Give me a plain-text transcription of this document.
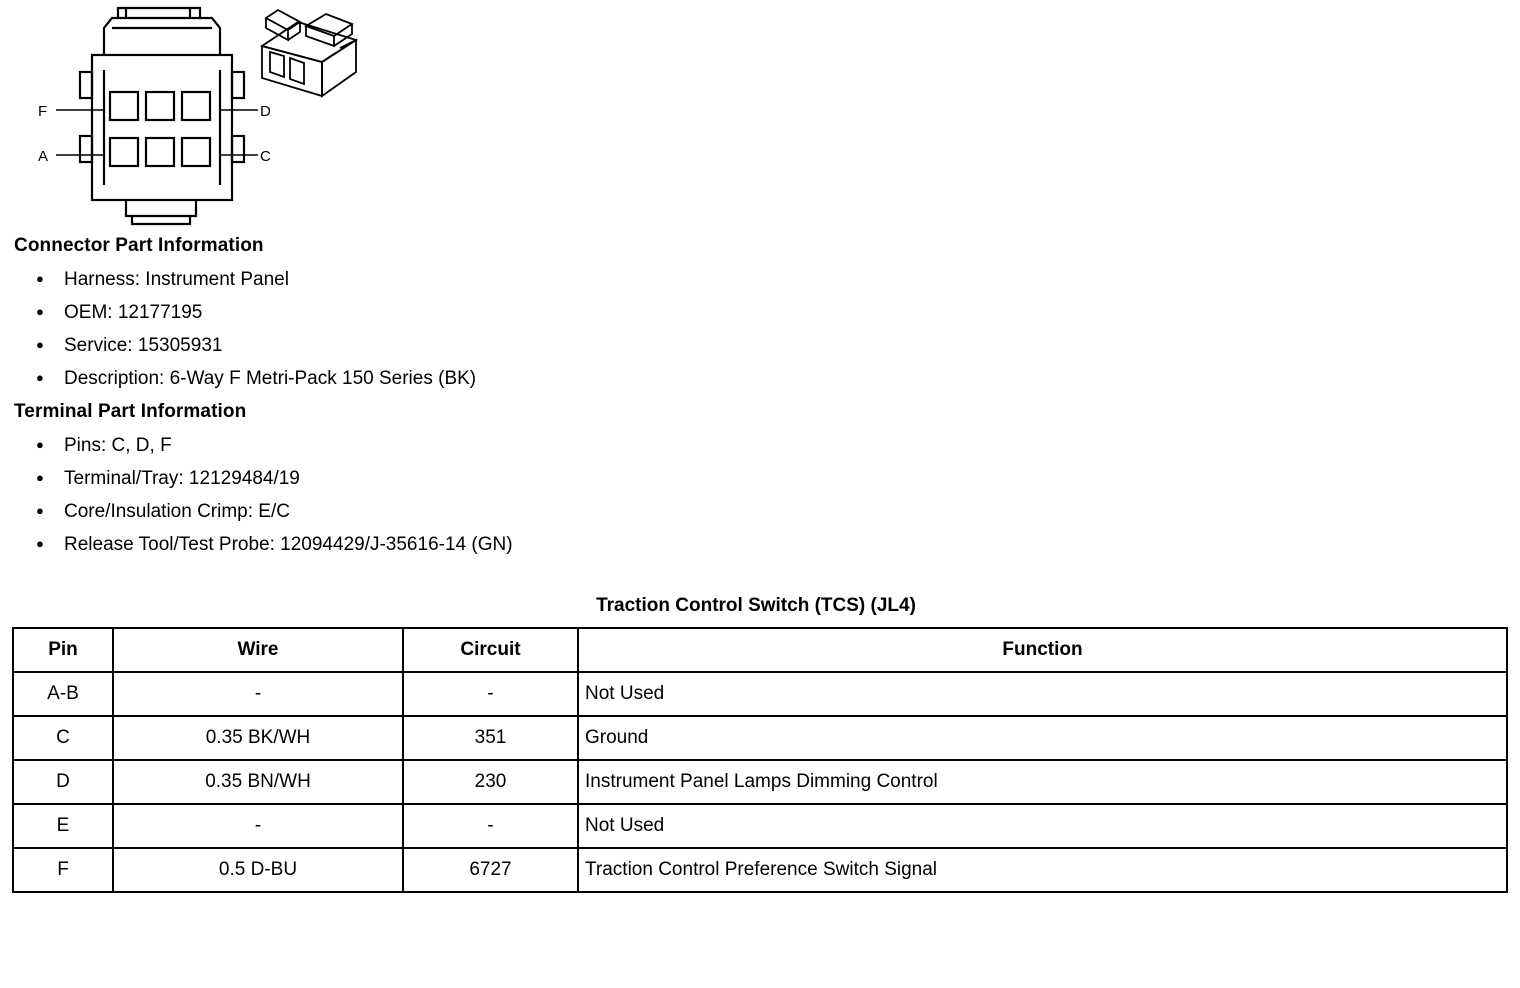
F
A
D
C
Connector Part Information
● Harness: Instrument Panel
● OEM: 12177195
● Service: 15305931
● Description: 6-Way F Metri-Pack 150 Series (BK)
Terminal Part Information
● Pins: C, D, F
● Terminal/Tray: 12129484/19
● Core/Insulation Crimp: E/C
● Release Tool/Test Probe: 12094429/J-35616-14 (GN)
Traction Control Switch (TCS) (JL4)
Pin	Wire	Circuit	Function
A-B	-	-	Not Used
C	0.35 BK/WH	351	Ground
D	0.35 BN/WH	230	Instrument Panel Lamps Dimming Control
E	-	-	Not Used
F	0.5 D-BU	6727	Traction Control Preference Switch Signal
